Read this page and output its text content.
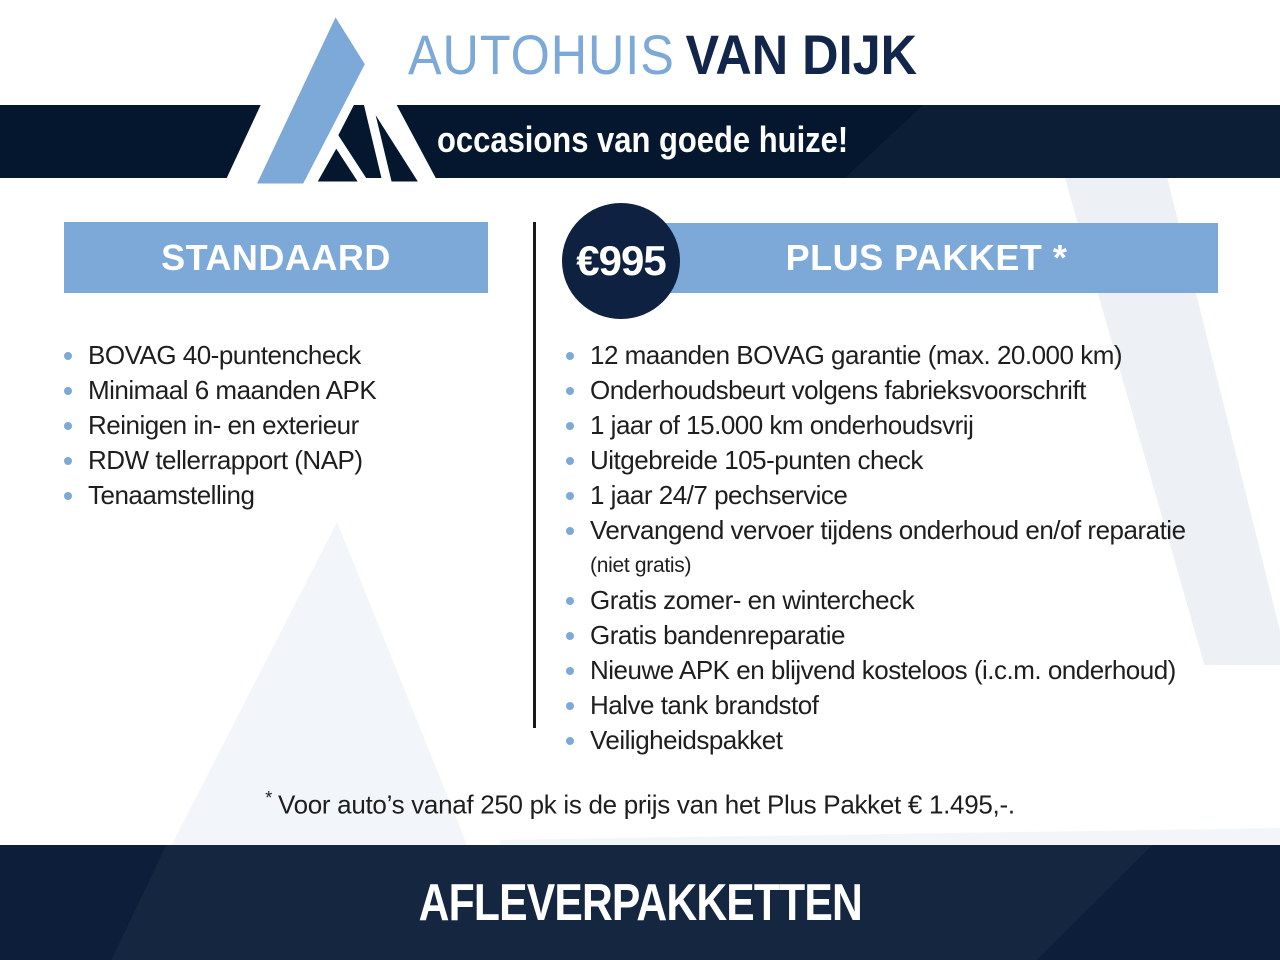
AUTOHUIS VAN DIJK
occasions van goede huize!
STANDAARD	PLUS PAKKET *
€995
BOVAG 40-puntencheck
Minimaal 6 maanden APK
Reinigen in- en exterieur
RDW tellerrapport (NAP)
Tenaamstelling
12 maanden BOVAG garantie (max. 20.000 km)
Onderhoudsbeurt volgens fabrieksvoorschrift
1 jaar of 15.000 km onderhoudsvrij
Uitgebreide 105-punten check
1 jaar 24/7 pechservice
Vervangend vervoer tijdens onderhoud en/of reparatie
(niet gratis)
Gratis zomer- en wintercheck
Gratis bandenreparatie
Nieuwe APK en blijvend kosteloos (i.c.m. onderhoud)
Halve tank brandstof
Veiligheidspakket
* Voor auto’s vanaf 250 pk is de prijs van het Plus Pakket € 1.495,-.
AFLEVERPAKKETTEN
